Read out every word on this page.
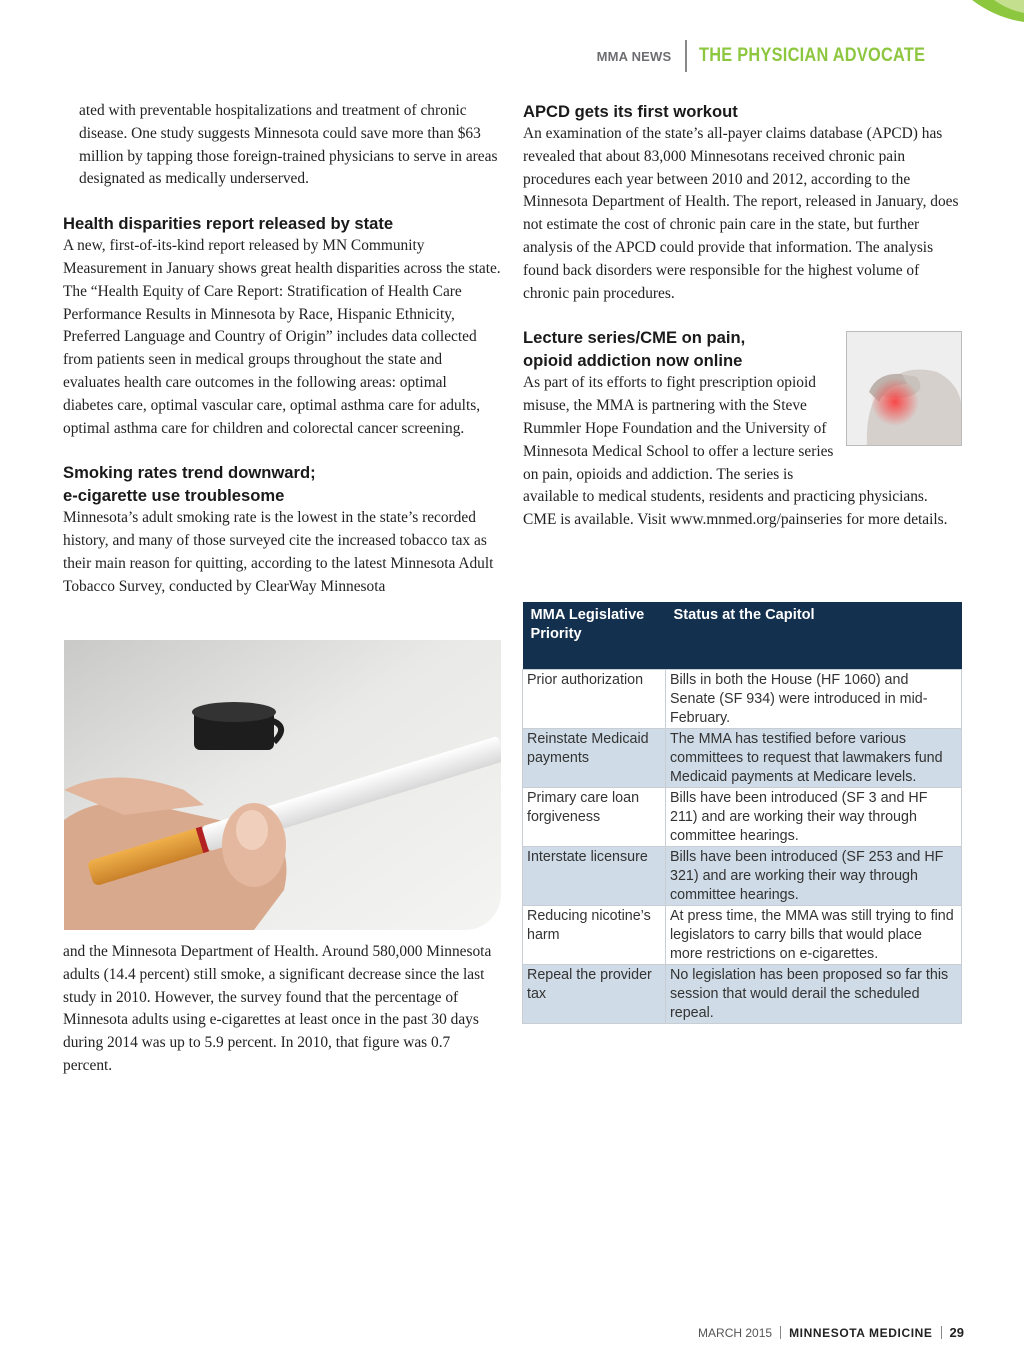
MMA NEWS THE PHYSICIAN ADVOCATE

ated with preventable hospitalizations and treatment of chronic disease. One study suggests Minnesota could save more than $63 million by tapping those foreign-trained physicians to serve in areas designated as medically underserved.

Health disparities report released by state

A new, first-of-its-kind report released by MN Community Measurement in January shows great health disparities across the state. The “Health Equity of Care Report: Stratification of Health Care Performance Results in Minnesota by Race, Hispanic Ethnicity, Preferred Language and Country of Origin” includes data collected from patients seen in medical groups throughout the state and evaluates health care outcomes in the following areas: optimal diabetes care, optimal vascular care, optimal asthma care for adults, optimal asthma care for children and colorectal cancer screening.

Smoking rates trend downward;
e-cigarette use troublesome

Minnesota’s adult smoking rate is the lowest in the state’s recorded history, and many of those surveyed cite the increased tobacco tax as their main reason for quitting, according to the latest Minnesota Adult Tobacco Survey, conducted by ClearWay Minnesota

and the Minnesota Department of Health. Around 580,000 Minnesota adults (14.4 percent) still smoke, a significant decrease since the last study in 2010. However, the survey found that the percentage of Minnesota adults using e-cigarettes at least once in the past 30 days during 2014 was up to 5.9 percent. In 2010, that figure was 0.7 percent.

APCD gets its first workout

An examination of the state’s all-payer claims database (APCD) has revealed that about 83,000 Minnesotans received chronic pain procedures each year between 2010 and 2012, according to the Minnesota Department of Health. The report, released in January, does not estimate the cost of chronic pain care in the state, but further analysis of the APCD could provide that information. The analysis found back disorders were responsible for the highest volume of chronic pain procedures.

Lecture series/CME on pain,
opioid addiction now online

As part of its efforts to fight prescription opioid misuse, the MMA is partnering with the Steve Rummler Hope Foundation and the University of Minnesota Medical School to offer a lecture series on pain, opioids and addiction. The series is available to medical students, residents and practicing physicians. CME is available. Visit www.mnmed.org/painseries for more details.

MMA Legislative Priority	Status at the Capitol
Prior authorization	Bills in both the House (HF 1060) and Senate (SF 934) were introduced in mid-February.
Reinstate Medicaid payments	The MMA has testified before various committees to request that lawmakers fund Medicaid payments at Medicare levels.
Primary care loan forgiveness	Bills have been introduced (SF 3 and HF 211) and are working their way through committee hearings.
Interstate licensure	Bills have been introduced (SF 253 and HF 321) and are working their way through committee hearings.
Reducing nicotine’s harm	At press time, the MMA was still trying to find legislators to carry bills that would place more restrictions on e-cigarettes.
Repeal the provider tax	No legislation has been proposed so far this session that would derail the scheduled repeal.
MARCH 2015 MINNESOTA MEDICINE 29
